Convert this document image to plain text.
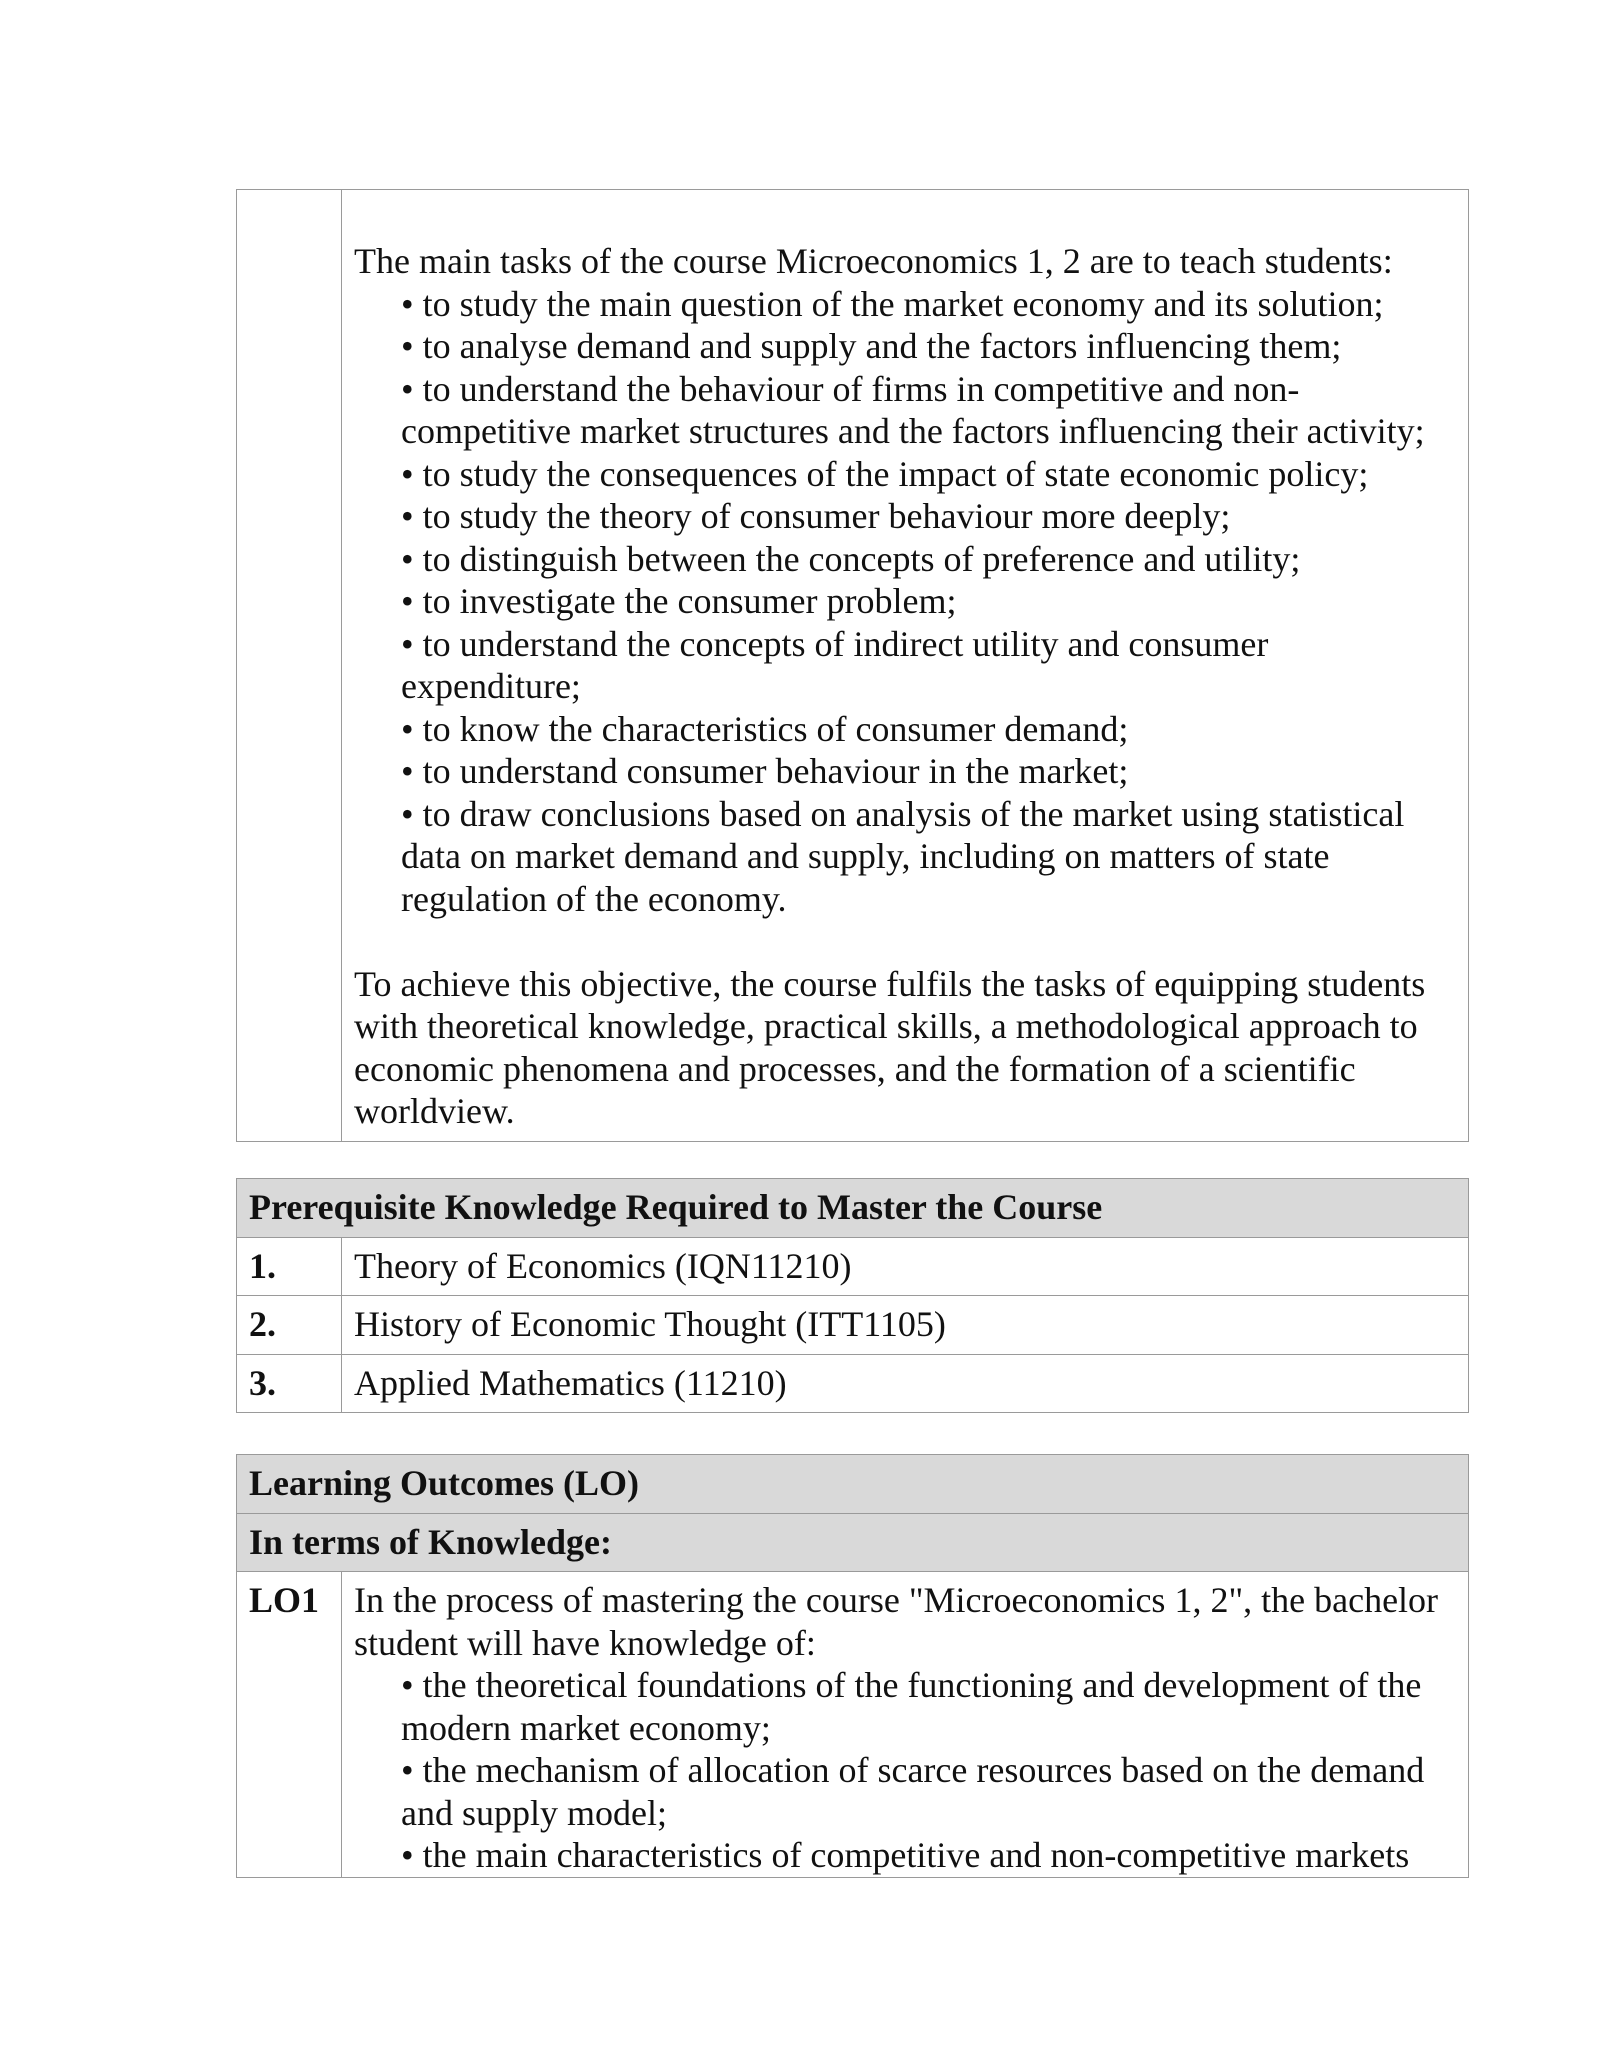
The main tasks of the course Microeconomics 1, 2 are to teach students:

• to study the main question of the market economy and its solution;
• to analyse demand and supply and the factors influencing them;
• to understand the behaviour of firms in competitive and non-competitive market structures and the factors influencing their activity;
• to study the consequences of the impact of state economic policy;
• to study the theory of consumer behaviour more deeply;
• to distinguish between the concepts of preference and utility;
• to investigate the consumer problem;
• to understand the concepts of indirect utility and consumer expenditure;
• to know the characteristics of consumer demand;
• to understand consumer behaviour in the market;
• to draw conclusions based on analysis of the market using statistical data on market demand and supply, including on matters of state regulation of the economy.

To achieve this objective, the course fulfils the tasks of equipping students with theoretical knowledge, practical skills, a methodological approach to economic phenomena and processes, and the formation of a scientific worldview.

Prerequisite Knowledge Required to Master the Course	
1.	Theory of Economics (IQN11210)
2.	History of Economic Thought (ITT1105)
3.	Applied Mathematics (11210)
Learning Outcomes (LO)
In terms of Knowledge:
LO1	In the process of mastering the course "Microeconomics 1, 2", the bachelor student will have knowledge of:

• the theoretical foundations of the functioning and development of the modern market economy;
• the mechanism of allocation of scarce resources based on the demand and supply model;
• the main characteristics of competitive and non-competitive markets
